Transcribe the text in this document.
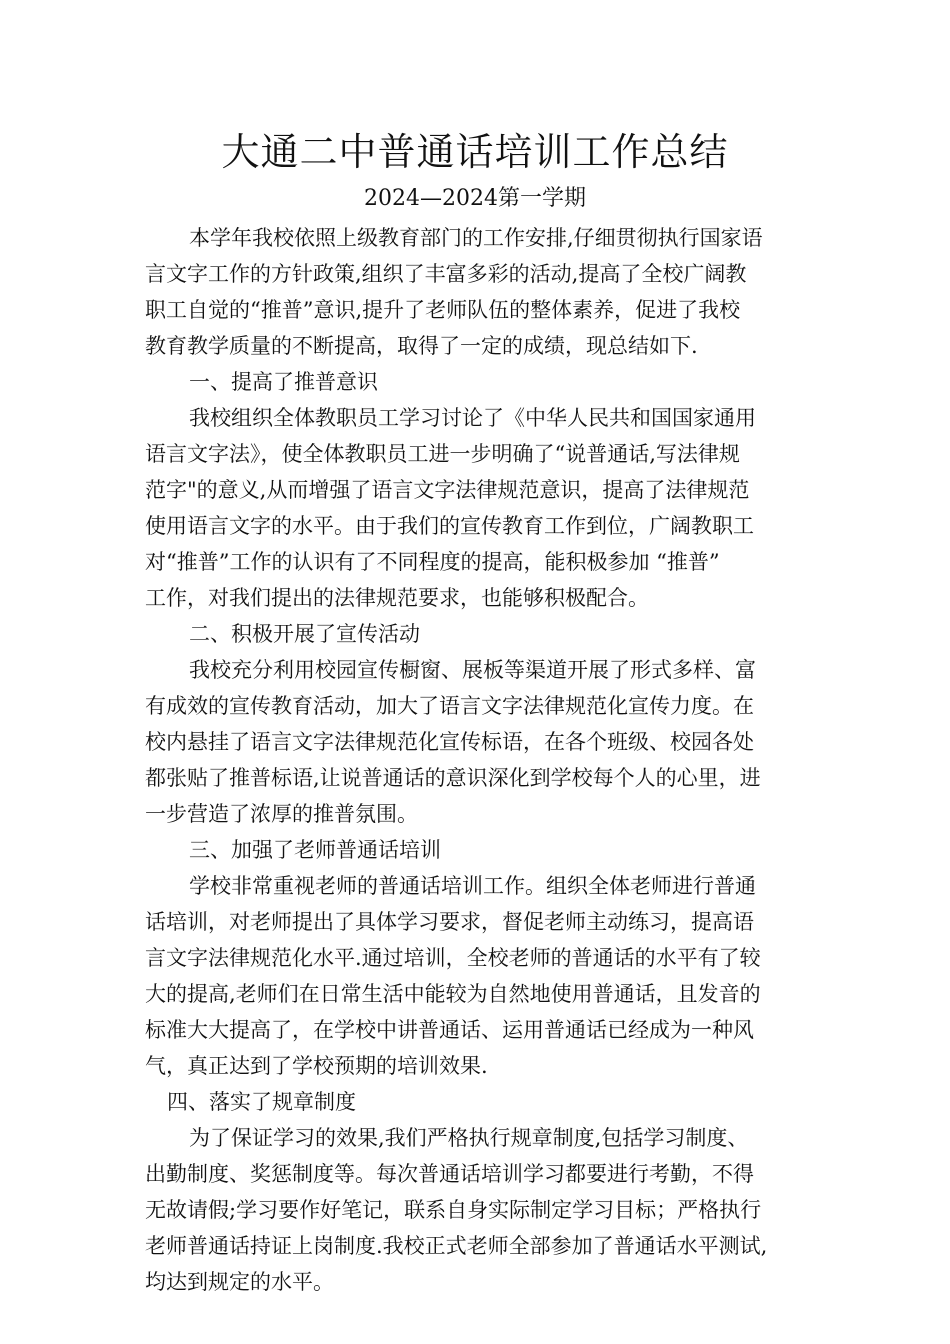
大通二中普通话培训工作总结
2024—2024第一学期
本学年我校依照上级教育部门的工作安排,仔细贯彻执行国家语
言文字工作的方针政策,组织了丰富多彩的活动,提高了全校广阔教
职工自觉的“推普”意识,提升了老师队伍的整体素养，促进了我校
教育教学质量的不断提高，取得了一定的成绩，现总结如下.
一、提高了推普意识
我校组织全体教职员工学习讨论了《中华人民共和国国家通用
语言文字法》，使全体教职员工进一步明确了“说普通话,写法律规
范字"的意义,从而增强了语言文字法律规范意识，提高了法律规范
使用语言文字的水平。由于我们的宣传教育工作到位，广阔教职工
对“推普”工作的认识有了不同程度的提高，能积极参加 “推普”
工作，对我们提出的法律规范要求，也能够积极配合。
二、积极开展了宣传活动
我校充分利用校园宣传橱窗、展板等渠道开展了形式多样、富
有成效的宣传教育活动，加大了语言文字法律规范化宣传力度。在
校内悬挂了语言文字法律规范化宣传标语，在各个班级、校园各处
都张贴了推普标语,让说普通话的意识深化到学校每个人的心里，进
一步营造了浓厚的推普氛围。
三、加强了老师普通话培训
学校非常重视老师的普通话培训工作。组织全体老师进行普通
话培训，对老师提出了具体学习要求，督促老师主动练习，提高语
言文字法律规范化水平.通过培训，全校老师的普通话的水平有了较
大的提高,老师们在日常生活中能较为自然地使用普通话，且发音的
标准大大提高了，在学校中讲普通话、运用普通话已经成为一种风
气，真正达到了学校预期的培训效果.
四、落实了规章制度
为了保证学习的效果,我们严格执行规章制度,包括学习制度、
出勤制度、奖惩制度等。每次普通话培训学习都要进行考勤，不得
无故请假;学习要作好笔记，联系自身实际制定学习目标；严格执行
老师普通话持证上岗制度.我校正式老师全部参加了普通话水平测试,
均达到规定的水平。
